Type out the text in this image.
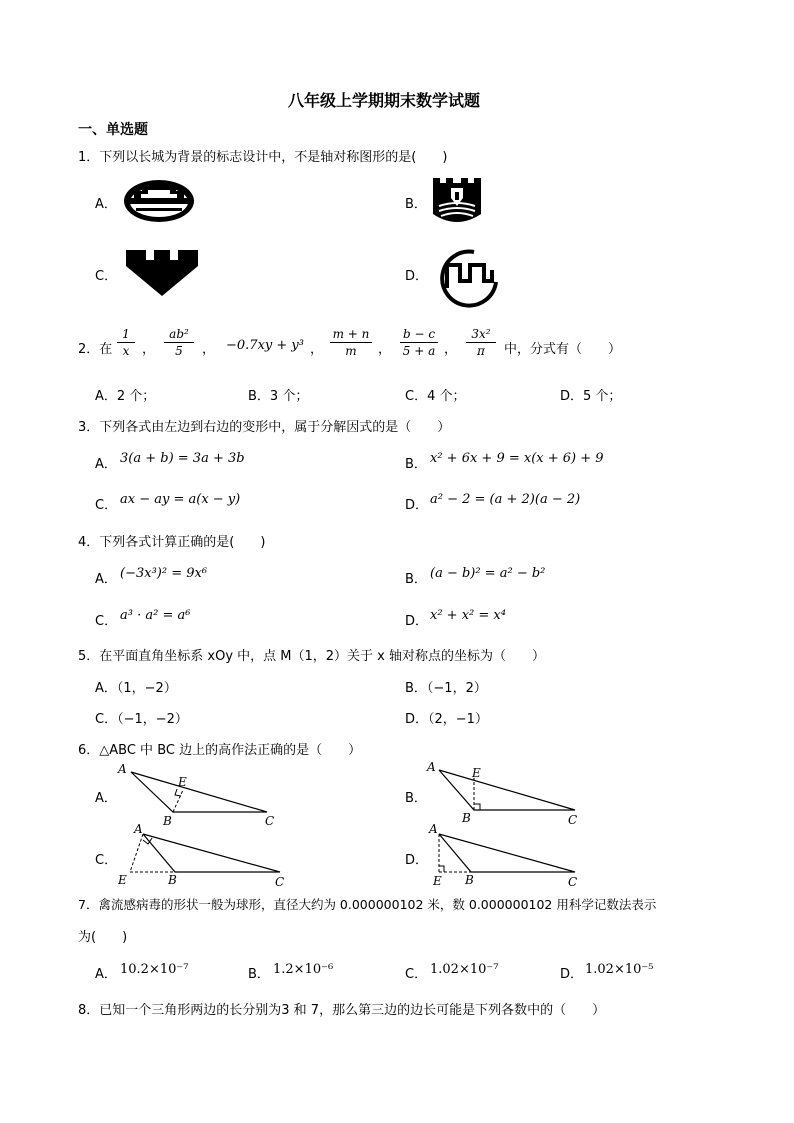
八年级上学期期末数学试题
一、单选题
1．下列以长城为背景的标志设计中，不是轴对称图形的是(　　)
A．	B．
C．	D．
2．在
1
x ，
ab²
5	， −0.7xy + y³ ，
m + n
m	，
b − c
5 + a ，
3x²
π	中，分式有（　　）
A．2 个；	B．3 个；	C．4 个；	D．5 个；
3．下列各式由左边到右边的变形中，属于分解因式的是（　　）
A． 3(a + b) = 3a + 3b	B． x² + 6x + 9 = x(x + 6) + 9
C． ax − ay = a(x − y)	D． a² − 2 = (a + 2)(a − 2)
4．下列各式计算正确的是(　　)
A． (−3x³)² = 9x⁶	B． (a − b)² = a² − b²
C． a³ · a² = a⁶	D． x² + x² = x⁴
5．在平面直角坐标系 xOy 中，点 M（1，2）关于 x 轴对称点的坐标为（　　）
A．（1，−2）	B．（−1，2）
C．（−1，−2）	D．（2，−1）
6．△ABC 中 BC 边上的高作法正确的是（　　）
A．
A
E
B	C
B．
A	E
B	C
C．
A
E	B	C
D．
A
E B	C
7．禽流感病毒的形状一般为球形，直径大约为 0.000000102 米，数 0.000000102 用科学记数法表示
为(　　)
A． 10.2×10⁻⁷	B． 1.2×10⁻⁶	C． 1.02×10⁻⁷	D． 1.02×10⁻⁵
8．已知一个三角形两边的长分别为3 和 7，那么第三边的边长可能是下列各数中的（　　）
